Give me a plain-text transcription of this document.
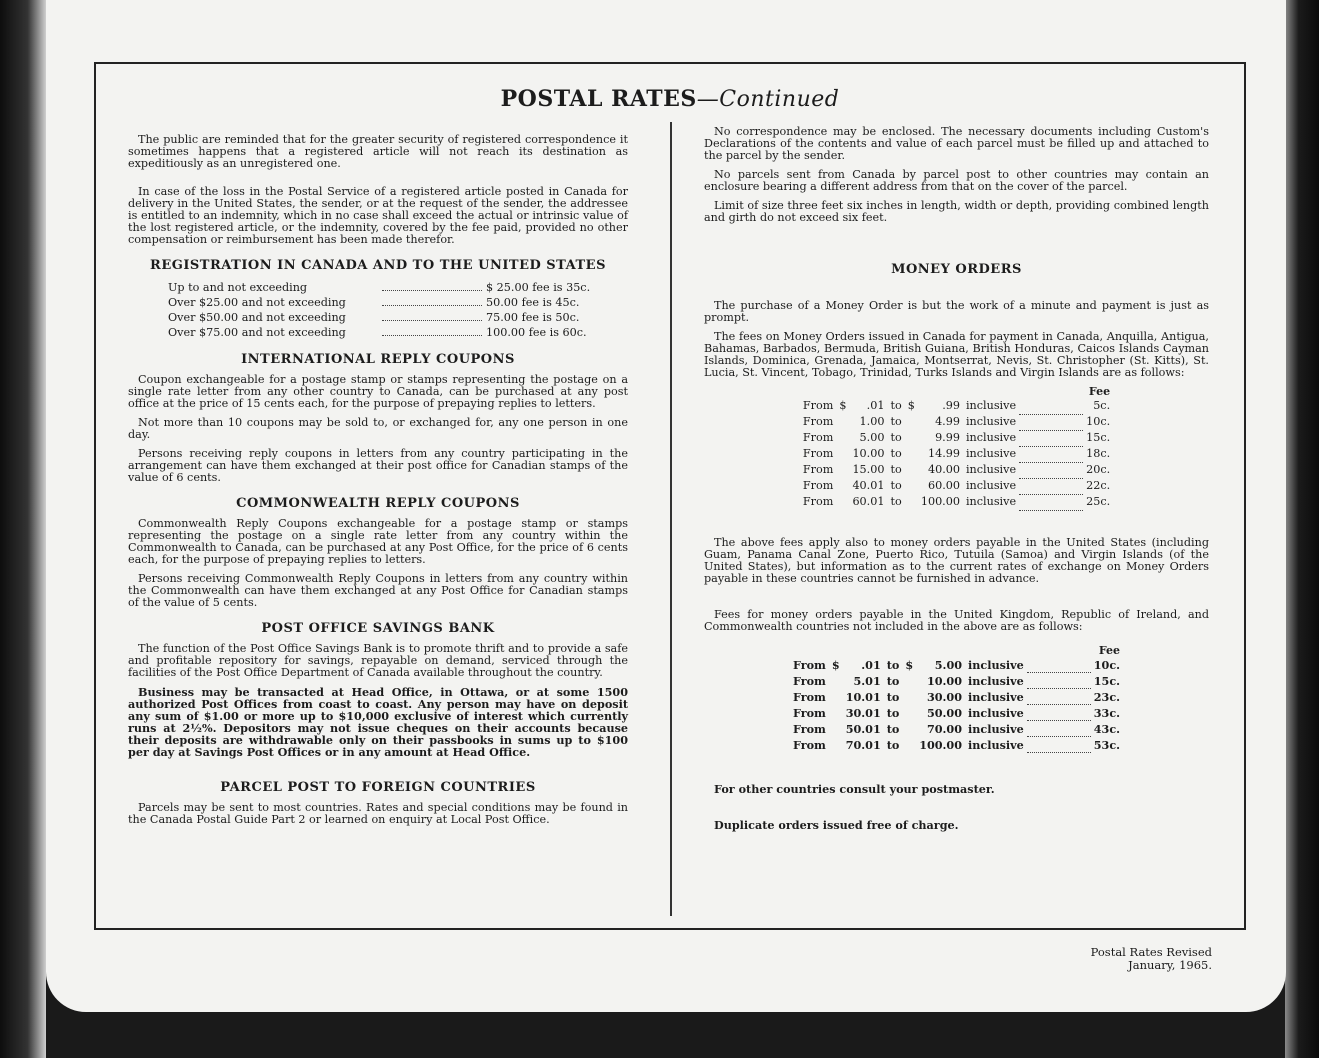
POSTAL RATES—Continued

The public are reminded that for the greater security of registered correspondence it sometimes happens that a registered article will not reach its destination as expeditiously as an unregistered one.

In case of the loss in the Postal Service of a registered article posted in Canada for delivery in the United States, the sender, or at the request of the sender, the addressee is entitled to an indemnity, which in no case shall exceed the actual or intrinsic value of the lost registered article, or the indemnity, covered by the fee paid, provided no other compensation or reimbursement has been made therefor.

REGISTRATION IN CANADA AND TO THE UNITED STATES
Up to and not exceeding	$ 25.00 fee is 35c.
Over $25.00 and not exceeding	50.00 fee is 45c.
Over $50.00 and not exceeding	75.00 fee is 50c.
Over $75.00 and not exceeding	100.00 fee is 60c.
INTERNATIONAL REPLY COUPONS

Coupon exchangeable for a postage stamp or stamps representing the postage on a single rate letter from any other country to Canada, can be purchased at any post office at the price of 15 cents each, for the purpose of prepaying replies to letters.

Not more than 10 coupons may be sold to, or exchanged for, any one person in one day.

Persons receiving reply coupons in letters from any country participating in the arrangement can have them exchanged at their post office for Canadian stamps of the value of 6 cents.

COMMONWEALTH REPLY COUPONS

Commonwealth Reply Coupons exchangeable for a postage stamp or stamps representing the postage on a single rate letter from any country within the Commonwealth to Canada, can be purchased at any Post Office, for the price of 6 cents each, for the purpose of prepaying replies to letters.

Persons receiving Commonwealth Reply Coupons in letters from any country within the Commonwealth can have them exchanged at any Post Office for Canadian stamps of the value of 5 cents.

POST OFFICE SAVINGS BANK

The function of the Post Office Savings Bank is to promote thrift and to provide a safe and profitable repository for savings, repayable on demand, serviced through the facilities of the Post Office Department of Canada available throughout the country.

Business may be transacted at Head Office, in Ottawa, or at some 1500 authorized Post Offices from coast to coast. Any person may have on deposit any sum of $1.00 or more up to $10,000 exclusive of interest which currently runs at 2½%. Depositors may not issue cheques on their accounts because their deposits are withdrawable only on their passbooks in sums up to $100 per day at Savings Post Offices or in any amount at Head Office.

PARCEL POST TO FOREIGN COUNTRIES

Parcels may be sent to most countries. Rates and special conditions may be found in the Canada Postal Guide Part 2 or learned on enquiry at Local Post Office.

No correspondence may be enclosed. The necessary documents including Custom's Declarations of the contents and value of each parcel must be filled up and attached to the parcel by the sender.

No parcels sent from Canada by parcel post to other countries may contain an enclosure bearing a different address from that on the cover of the parcel.

Limit of size three feet six inches in length, width or depth, providing combined length and girth do not exceed six feet.

MONEY ORDERS

The purchase of a Money Order is but the work of a minute and payment is just as prompt.

The fees on Money Orders issued in Canada for payment in Canada, Anquilla, Antigua, Bahamas, Barbados, Bermuda, British Guiana, British Honduras, Caicos Islands Cayman Islands, Dominica, Grenada, Jamaica, Montserrat, Nevis, St. Christopher (St. Kitts), St. Lucia, St. Vincent, Tobago, Trinidad, Turks Islands and Virgin Islands are as follows:

								Fee
From	$	.01	to	$	.99	inclusive		5c.
From		1.00	to		4.99	inclusive		10c.
From		5.00	to		9.99	inclusive		15c.
From		10.00	to		14.99	inclusive		18c.
From		15.00	to		40.00	inclusive		20c.
From		40.01	to		60.00	inclusive		22c.
From		60.01	to		100.00	inclusive		25c.

The above fees apply also to money orders payable in the United States (including Guam, Panama Canal Zone, Puerto Rico, Tutuila (Samoa) and Virgin Islands (of the United States), but information as to the current rates of exchange on Money Orders payable in these countries cannot be furnished in advance.

Fees for money orders payable in the United Kingdom, Republic of Ireland, and Commonwealth countries not included in the above are as follows:

								Fee
From	$	.01	to	$	5.00	inclusive		10c.
From		5.01	to		10.00	inclusive		15c.
From		10.01	to		30.00	inclusive		23c.
From		30.01	to		50.00	inclusive		33c.
From		50.01	to		70.00	inclusive		43c.
From		70.01	to		100.00	inclusive		53c.
For other countries consult your postmaster.
Duplicate orders issued free of charge.
Postal Rates Revised
January, 1965.
